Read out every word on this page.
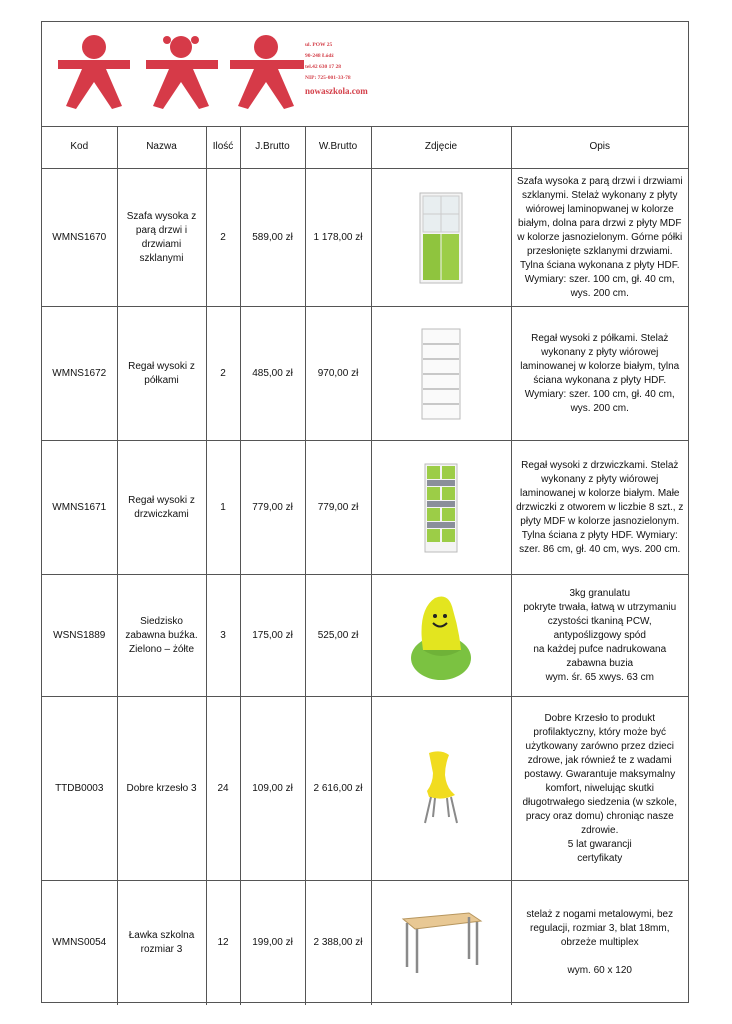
ul. POW 25
90-248 Łódź
tel.42 630 17 28
NIP: 725-001-33-78
nowaszkola.com
Kod	Nazwa	Ilość	J.Brutto	W.Brutto	Zdjęcie	Opis
WMNS1670	Szafa wysoka z parą drzwi i drzwiami szklanymi	2	589,00 zł	1 178,00 zł		Szafa wysoka z parą drzwi i drzwiami szklanymi. Stelaż wykonany z płyty wiórowej laminopwanej w kolorze białym, dolna para drzwi z płyty MDF w kolorze jasnozielonym. Górne półki przesłonięte szklanymi drzwiami. Tylna ściana wykonana z płyty HDF. Wymiary: szer. 100 cm, gł. 40 cm, wys. 200 cm.
WMNS1672	Regał wysoki z półkami	2	485,00 zł	970,00 zł		Regał wysoki z półkami. Stelaż wykonany z płyty wiórowej laminowanej w kolorze białym, tylna ściana wykonana z płyty HDF. Wymiary: szer. 100 cm, gł. 40 cm, wys. 200 cm.
WMNS1671	Regał wysoki z drzwiczkami	1	779,00 zł	779,00 zł		Regał wysoki z drzwiczkami. Stelaż wykonany z płyty wiórowej laminowanej w kolorze białym. Małe drzwiczki z otworem w liczbie 8 szt., z płyty MDF w kolorze jasnozielonym. Tylna ściana z płyty HDF. Wymiary: szer. 86 cm, gł. 40 cm, wys. 200 cm.
WSNS1889	Siedzisko zabawna buźka. Zielono – żółte	3	175,00 zł	525,00 zł		3kg granulatu
pokryte trwała, łatwą w utrzymaniu czystości tkaniną PCW, antypoślizgowy spód
na każdej pufce nadrukowana zabawna buzia
wym. śr. 65 xwys. 63 cm
TTDB0003	Dobre krzesło 3	24	109,00 zł	2 616,00 zł		Dobre Krzesło to produkt profilaktyczny, który może być użytkowany zarówno przez dzieci zdrowe, jak równieź te z wadami postawy. Gwarantuje maksymalny komfort, niwelując skutki długotrwałego siedzenia (w szkole, pracy oraz domu) chroniąc nasze zdrowie.
5 lat gwarancji
certyfikaty
WMNS0054	Ławka szkolna rozmiar 3	12	199,00 zł	2 388,00 zł		stelaż z nogami metalowymi, bez regulacji, rozmiar 3, blat 18mm, obrzeże multiplex

wym. 60 x 120
